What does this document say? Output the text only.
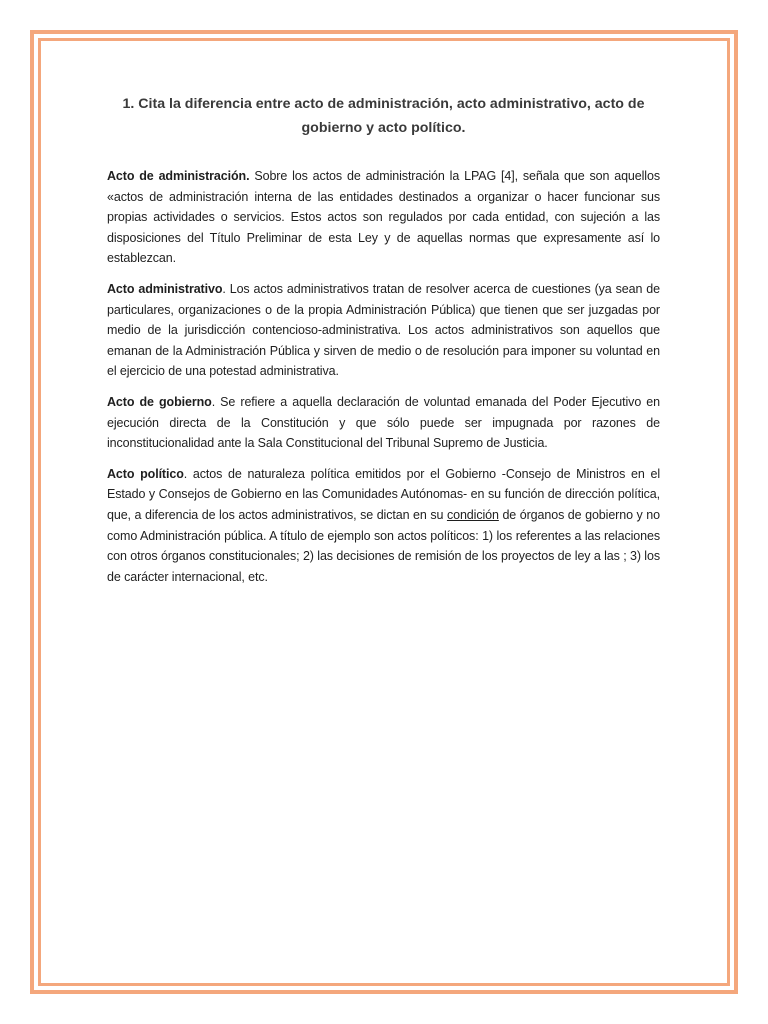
1. Cita la diferencia entre acto de administración, acto administrativo, acto de gobierno y acto político.

Acto de administración. Sobre los actos de administración la LPAG [4], señala que son aquellos «actos de administración interna de las entidades destinados a organizar o hacer funcionar sus propias actividades o servicios. Estos actos son regulados por cada entidad, con sujeción a las disposiciones del Título Preliminar de esta Ley y de aquellas normas que expresamente así lo establezcan.

Acto administrativo. Los actos administrativos tratan de resolver acerca de cuestiones (ya sean de particulares, organizaciones o de la propia Administración Pública) que tienen que ser juzgadas por medio de la jurisdicción contencioso-administrativa. Los actos administrativos son aquellos que emanan de la Administración Pública y sirven de medio o de resolución para imponer su voluntad en el ejercicio de una potestad administrativa.

Acto de gobierno. Se refiere a aquella declaración de voluntad emanada del Poder Ejecutivo en ejecución directa de la Constitución y que sólo puede ser impugnada por razones de inconstitucionalidad ante la Sala Constitucional del Tribunal Supremo de Justicia.

Acto político. actos de naturaleza política emitidos por el Gobierno -Consejo de Ministros en el Estado y Consejos de Gobierno en las Comunidades Autónomas- en su función de dirección política, que, a diferencia de los actos administrativos, se dictan en su condición de órganos de gobierno y no como Administración pública. A título de ejemplo son actos políticos: 1) los referentes a las relaciones con otros órganos constitucionales; 2) las decisiones de remisión de los proyectos de ley a las ; 3) los de carácter internacional, etc.
